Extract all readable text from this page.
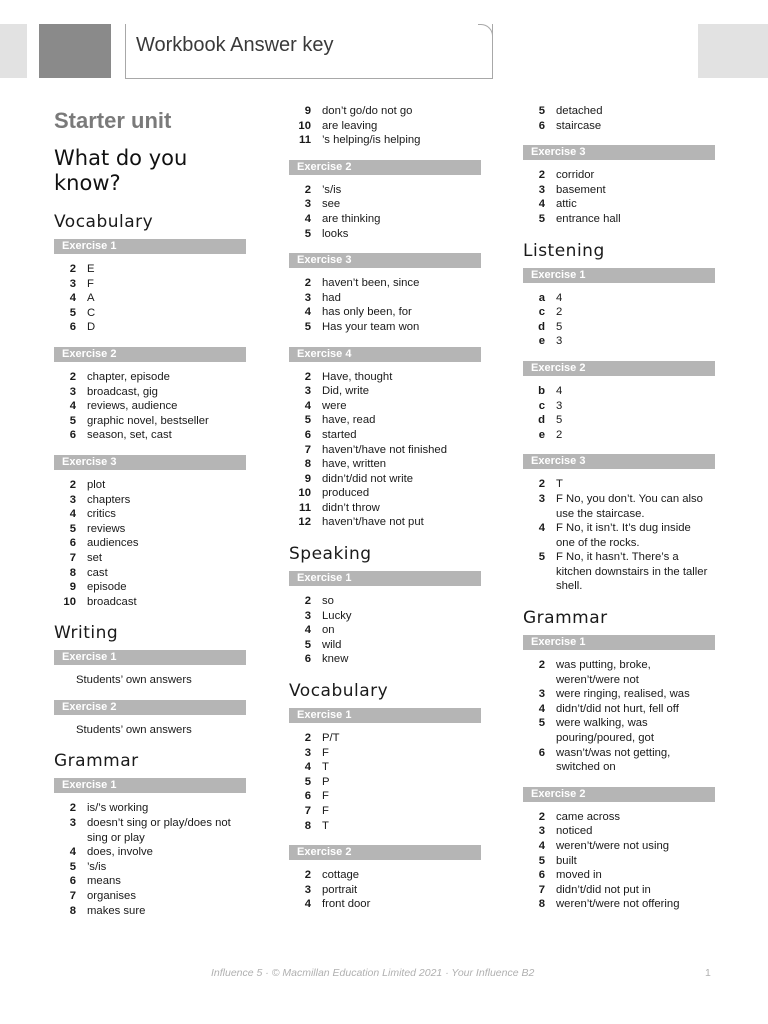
Workbook Answer key
Starter unit
What do you
know?
Vocabulary
Exercise 1
2 E
3 F
4 A
5 C
6 D
Exercise 2
2 chapter, episode
3 broadcast, gig
4 reviews, audience
5 graphic novel, bestseller
6 season, set, cast
Exercise 3
2 plot
3 chapters
4 critics
5 reviews
6 audiences
7 set
8 cast
9 episode
10 broadcast
Writing
Exercise 1
Students’ own answers
Exercise 2
Students’ own answers
Grammar
Exercise 1
2 is/’s working
3 doesn’t sing or play/does not
sing or play
4 does, involve
5 ’s/is
6 means
7 organises
8 makes sure
9 don’t go/do not go
10 are leaving
11 ’s helping/is helping
Exercise 2
2 ’s/is
3 see
4 are thinking
5 looks
Exercise 3
2 haven’t been, since
3 had
4 has only been, for
5 Has your team won
Exercise 4
2 Have, thought
3 Did, write
4 were
5 have, read
6 started
7 haven’t/have not finished
8 have, written
9 didn’t/did not write
10 produced
11 didn’t throw
12 haven’t/have not put
Speaking
Exercise 1
2 so
3 Lucky
4 on
5 wild
6 knew
Vocabulary
Exercise 1
2 P/T
3 F
4 T
5 P
6 F
7 F
8 T
Exercise 2
2 cottage
3 portrait
4 front door
5 detached
6 staircase
Exercise 3
2 corridor
3 basement
4 attic
5 entrance hall
Listening
Exercise 1
a 4
c 2
d 5
e 3
Exercise 2
b 4
c 3
d 5
e 2
Exercise 3
2 T
3 F No, you don’t. You can also
use the staircase.
4 F No, it isn’t. It’s dug inside
one of the rocks.
5 F No, it hasn’t. There’s a
kitchen downstairs in the taller
shell.
Grammar
Exercise 1
2 was putting, broke,
weren’t/were not
3 were ringing, realised, was
4 didn’t/did not hurt, fell off
5 were walking, was
pouring/poured, got
6 wasn’t/was not getting,
switched on
Exercise 2
2 came across
3 noticed
4 weren’t/were not using
5 built
6 moved in
7 didn’t/did not put in
8 weren’t/were not offering
Influence 5 · © Macmillan Education Limited 2021 · Your Influence B2	1
